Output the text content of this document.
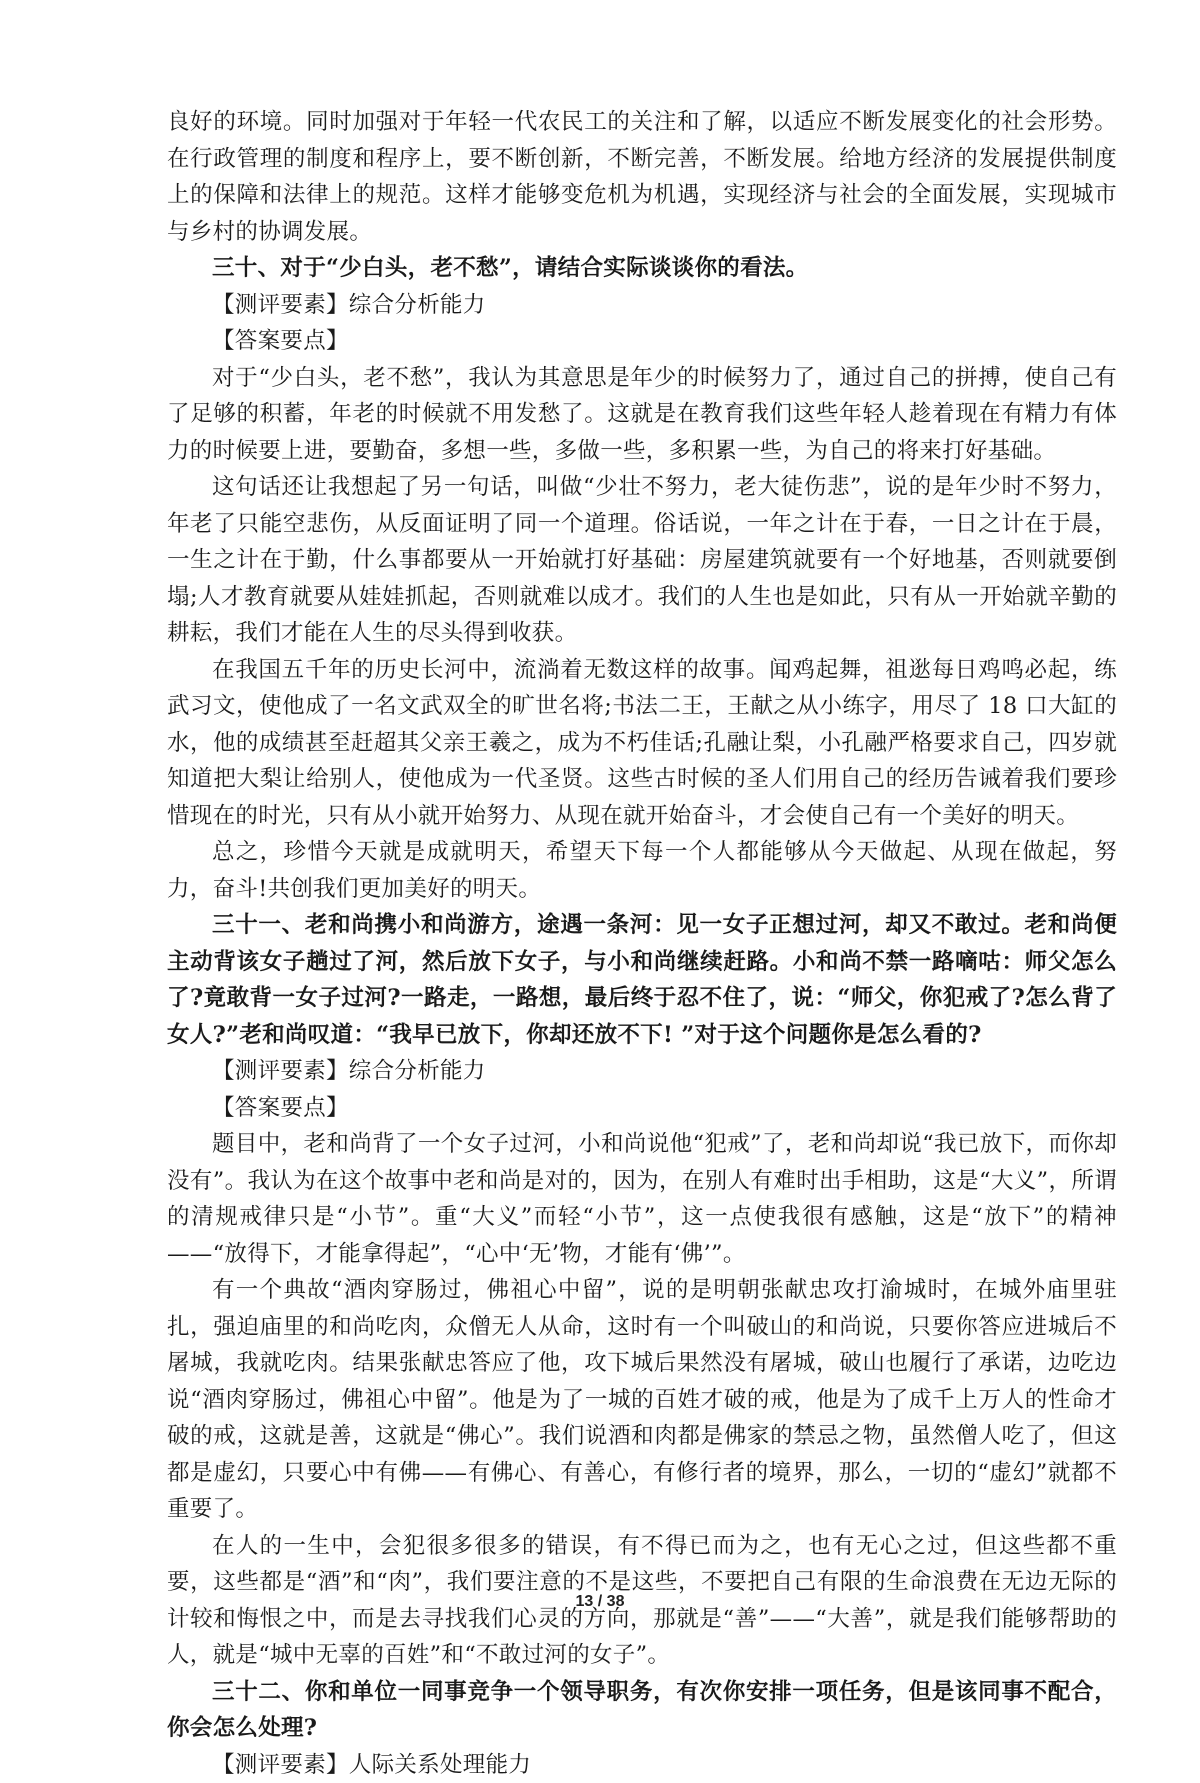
良好的环境。同时加强对于年轻一代农民工的关注和了解，以适应不断发展变化的社会形势。在行政管理的制度和程序上，要不断创新，不断完善，不断发展。给地方经济的发展提供制度上的保障和法律上的规范。这样才能够变危机为机遇，实现经济与社会的全面发展，实现城市与乡村的协调发展。

三十、对于“少白头，老不愁”，请结合实际谈谈你的看法。

【测评要素】综合分析能力

【答案要点】

对于“少白头，老不愁”，我认为其意思是年少的时候努力了，通过自己的拼搏，使自己有了足够的积蓄，年老的时候就不用发愁了。这就是在教育我们这些年轻人趁着现在有精力有体力的时候要上进，要勤奋，多想一些，多做一些，多积累一些，为自己的将来打好基础。

这句话还让我想起了另一句话，叫做“少壮不努力，老大徒伤悲”，说的是年少时不努力，年老了只能空悲伤，从反面证明了同一个道理。俗话说，一年之计在于春，一日之计在于晨，一生之计在于勤，什么事都要从一开始就打好基础：房屋建筑就要有一个好地基，否则就要倒塌;人才教育就要从娃娃抓起，否则就难以成才。我们的人生也是如此，只有从一开始就辛勤的耕耘，我们才能在人生的尽头得到收获。

在我国五千年的历史长河中，流淌着无数这样的故事。闻鸡起舞，祖逖每日鸡鸣必起，练武习文，使他成了一名文武双全的旷世名将;书法二王，王献之从小练字，用尽了 18 口大缸的水，他的成绩甚至赶超其父亲王羲之，成为不朽佳话;孔融让梨，小孔融严格要求自己，四岁就知道把大梨让给别人，使他成为一代圣贤。这些古时候的圣人们用自己的经历告诫着我们要珍惜现在的时光，只有从小就开始努力、从现在就开始奋斗，才会使自己有一个美好的明天。

总之，珍惜今天就是成就明天，希望天下每一个人都能够从今天做起、从现在做起，努力，奋斗!共创我们更加美好的明天。

三十一、老和尚携小和尚游方，途遇一条河：见一女子正想过河，却又不敢过。老和尚便主动背该女子趟过了河，然后放下女子，与小和尚继续赶路。小和尚不禁一路嘀咕：师父怎么了?竟敢背一女子过河?一路走，一路想，最后终于忍不住了，说：“师父，你犯戒了?怎么背了女人?”老和尚叹道：“我早已放下，你却还放不下! ”对于这个问题你是怎么看的?

【测评要素】综合分析能力

【答案要点】

题目中，老和尚背了一个女子过河，小和尚说他“犯戒”了，老和尚却说“我已放下，而你却没有”。我认为在这个故事中老和尚是对的，因为，在别人有难时出手相助，这是“大义”，所谓的清规戒律只是“小节”。重“大义”而轻“小节”，这一点使我很有感触，这是“放下”的精神——“放得下，才能拿得起”，“心中‘无’物，才能有‘佛’”。

有一个典故“酒肉穿肠过，佛祖心中留”，说的是明朝张献忠攻打渝城时，在城外庙里驻扎，强迫庙里的和尚吃肉，众僧无人从命，这时有一个叫破山的和尚说，只要你答应进城后不屠城，我就吃肉。结果张献忠答应了他，攻下城后果然没有屠城，破山也履行了承诺，边吃边说“酒肉穿肠过，佛祖心中留”。他是为了一城的百姓才破的戒，他是为了成千上万人的性命才破的戒，这就是善，这就是“佛心”。我们说酒和肉都是佛家的禁忌之物，虽然僧人吃了，但这都是虚幻，只要心中有佛——有佛心、有善心，有修行者的境界，那么，一切的“虚幻”就都不重要了。

在人的一生中，会犯很多很多的错误，有不得已而为之，也有无心之过，但这些都不重要，这些都是“酒”和“肉”，我们要注意的不是这些，不要把自己有限的生命浪费在无边无际的计较和悔恨之中，而是去寻找我们心灵的方向，那就是“善”——“大善”，就是我们能够帮助的人，就是“城中无辜的百姓”和“不敢过河的女子”。

三十二、你和单位一同事竞争一个领导职务，有次你安排一项任务，但是该同事不配合，你会怎么处理?

【测评要素】人际关系处理能力

13 / 38
